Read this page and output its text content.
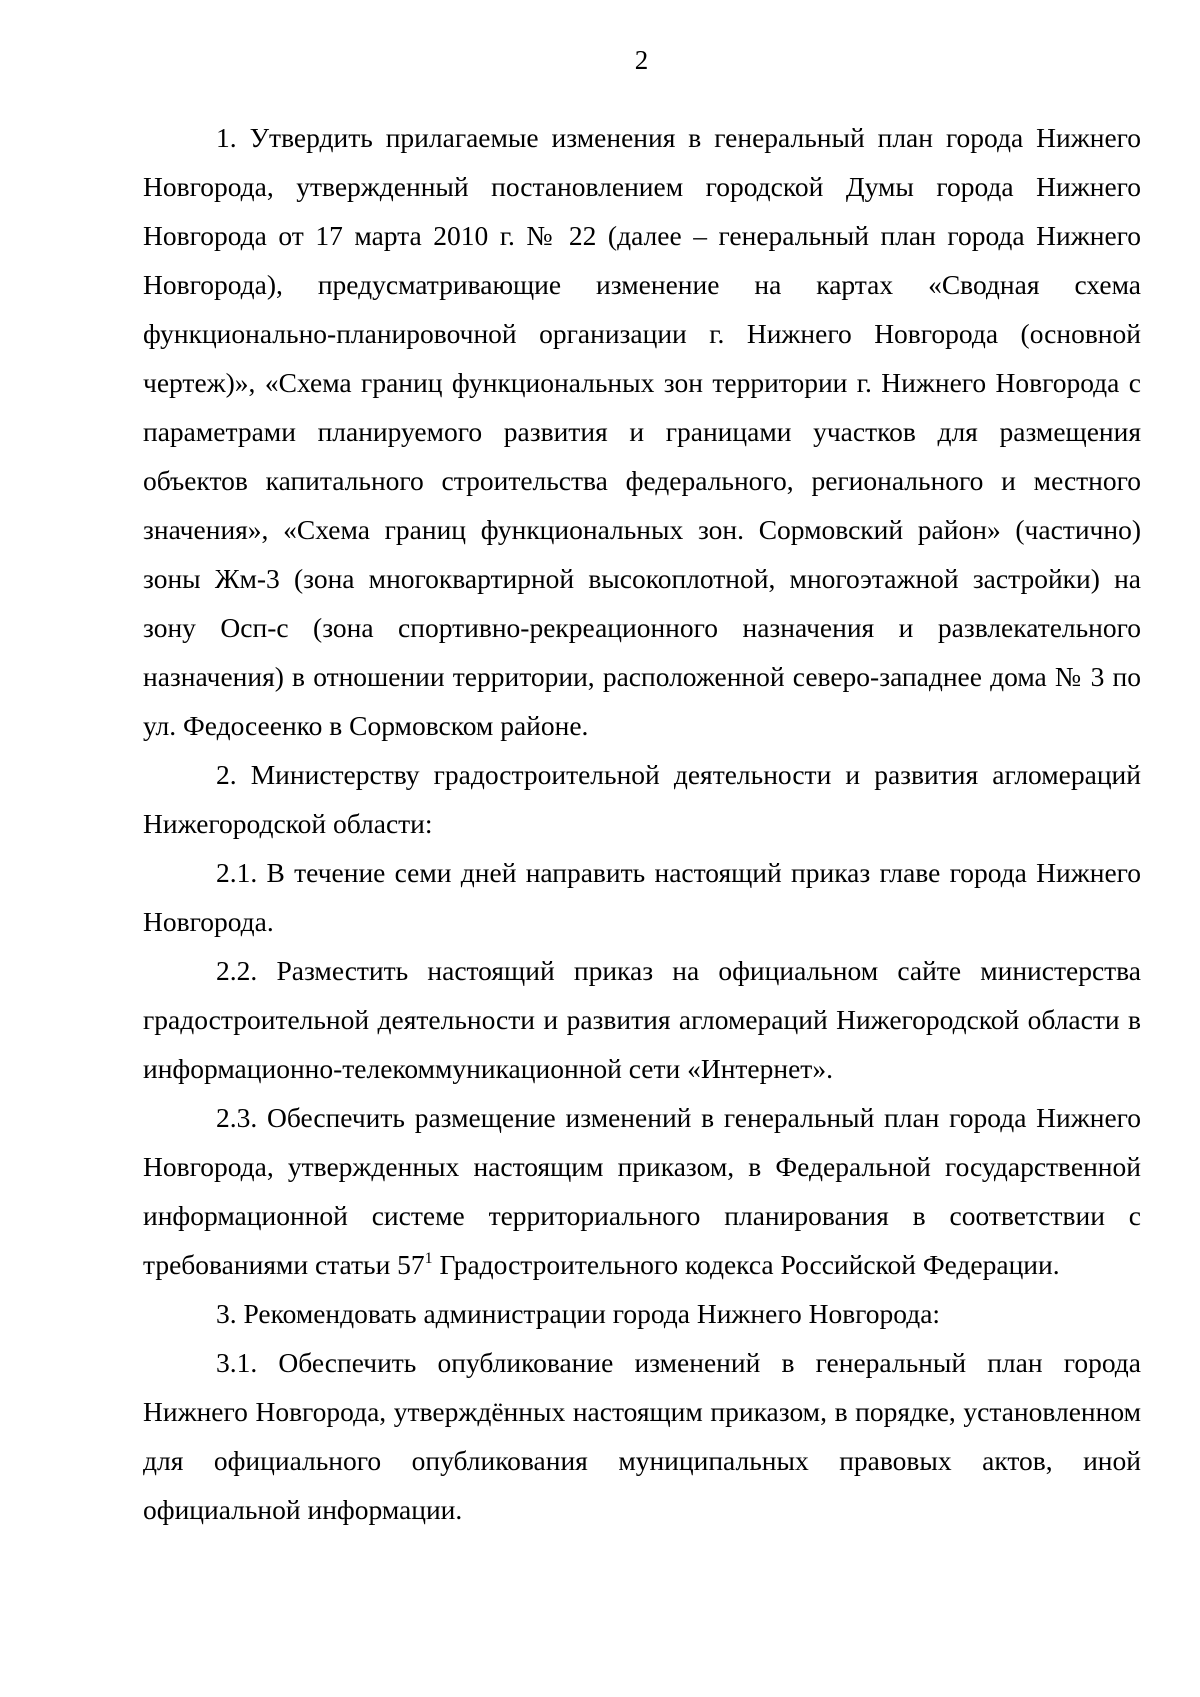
2

1. Утвердить прилагаемые изменения в генеральный план города Нижнего Новгорода, утвержденный постановлением городской Думы города Нижнего Новгорода от 17 марта 2010 г. № 22 (далее – генеральный план города Нижнего Новгорода), предусматривающие изменение на картах «Сводная схема функционально-планировочной организации г. Нижнего Новгорода (основной чертеж)», «Схема границ функциональных зон территории г. Нижнего Новгорода с параметрами планируемого развития и границами участков для размещения объектов капитального строительства федерального, регионального и местного значения», «Схема границ функциональных зон. Сормовский район» (частично) зоны Жм-3 (зона многоквартирной высокоплотной, многоэтажной застройки) на зону Осп-с (зона спортивно-рекреационного назначения и развлекательного назначения) в отношении территории, расположенной северо-западнее дома № 3 по ул. Федосеенко в Сормовском районе.

2. Министерству градостроительной деятельности и развития агломераций Нижегородской области:

2.1. В течение семи дней направить настоящий приказ главе города Нижнего Новгорода.

2.2. Разместить настоящий приказ на официальном сайте министерства градостроительной деятельности и развития агломераций Нижегородской области в информационно-телекоммуникационной сети «Интернет».

2.3. Обеспечить размещение изменений в генеральный план города Нижнего Новгорода, утвержденных настоящим приказом, в Федеральной государственной информационной системе территориального планирования в соответствии с требованиями статьи 57$^1$ Градостроительного кодекса Российской Федерации.

3. Рекомендовать администрации города Нижнего Новгорода:

3.1. Обеспечить опубликование изменений в генеральный план города Нижнего Новгорода, утверждённых настоящим приказом, в порядке, установленном для официального опубликования муниципальных правовых актов, иной официальной информации.
